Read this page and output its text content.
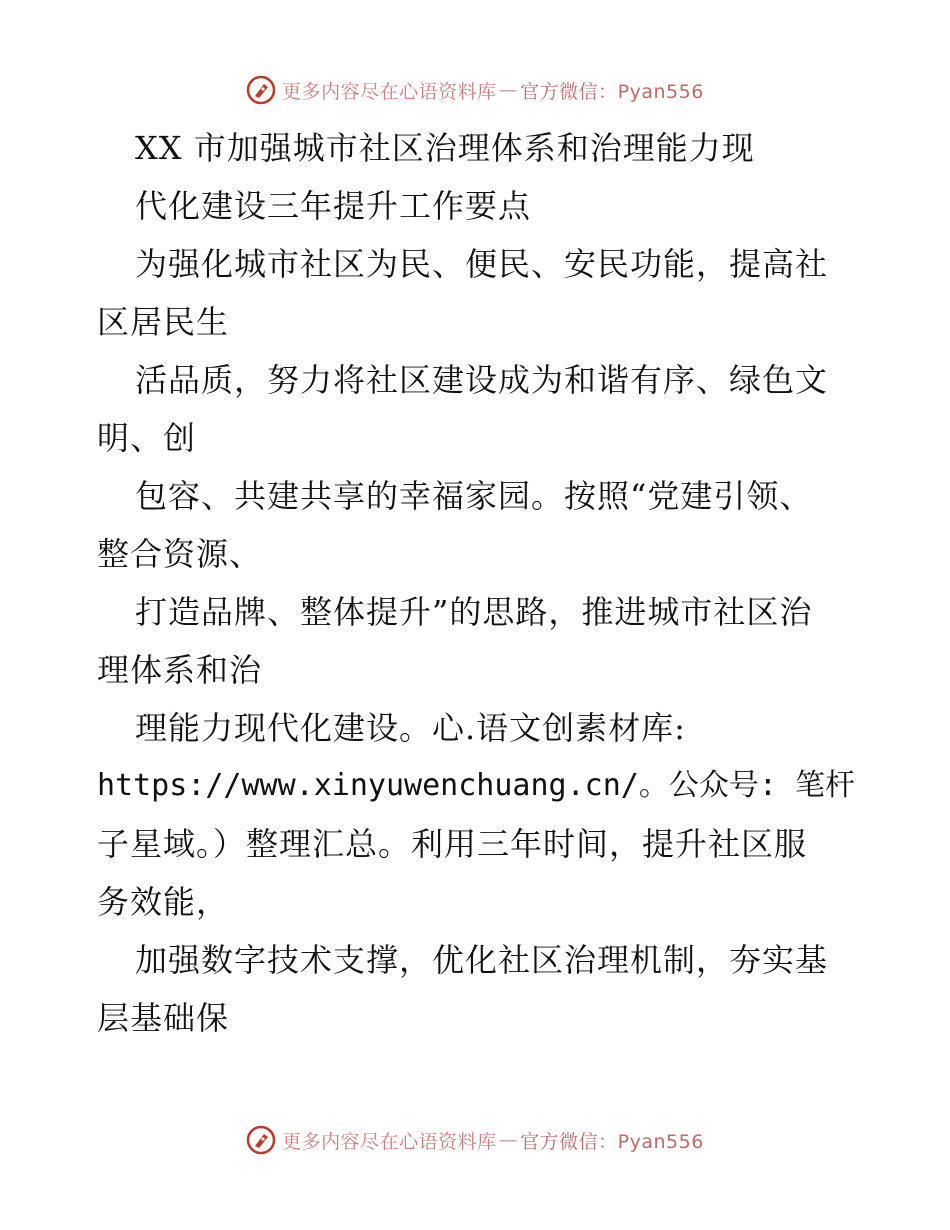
更多内容尽在心语资料库 — 官方微信：Pyan556
XX 市加强城市社区治理体系和治理能力现
代化建设三年提升工作要点
为强化城市社区为民、便民、安民功能，提高社
区居民生
活品质，努力将社区建设成为和谐有序、绿色文
明、创
包容、共建共享的幸福家园。按照“党建引领、
整合资源、
打造品牌、整体提升”的思路，推进城市社区治
理体系和治
理能力现代化建设。心.语文创素材库:
https://www.xinyuwenchuang.cn/。公众号: 笔杆
子星域。）整理汇总。利用三年时间，提升社区服
务效能，
加强数字技术支撑，优化社区治理机制，夯实基
层基础保
更多内容尽在心语资料库 — 官方微信：Pyan556
